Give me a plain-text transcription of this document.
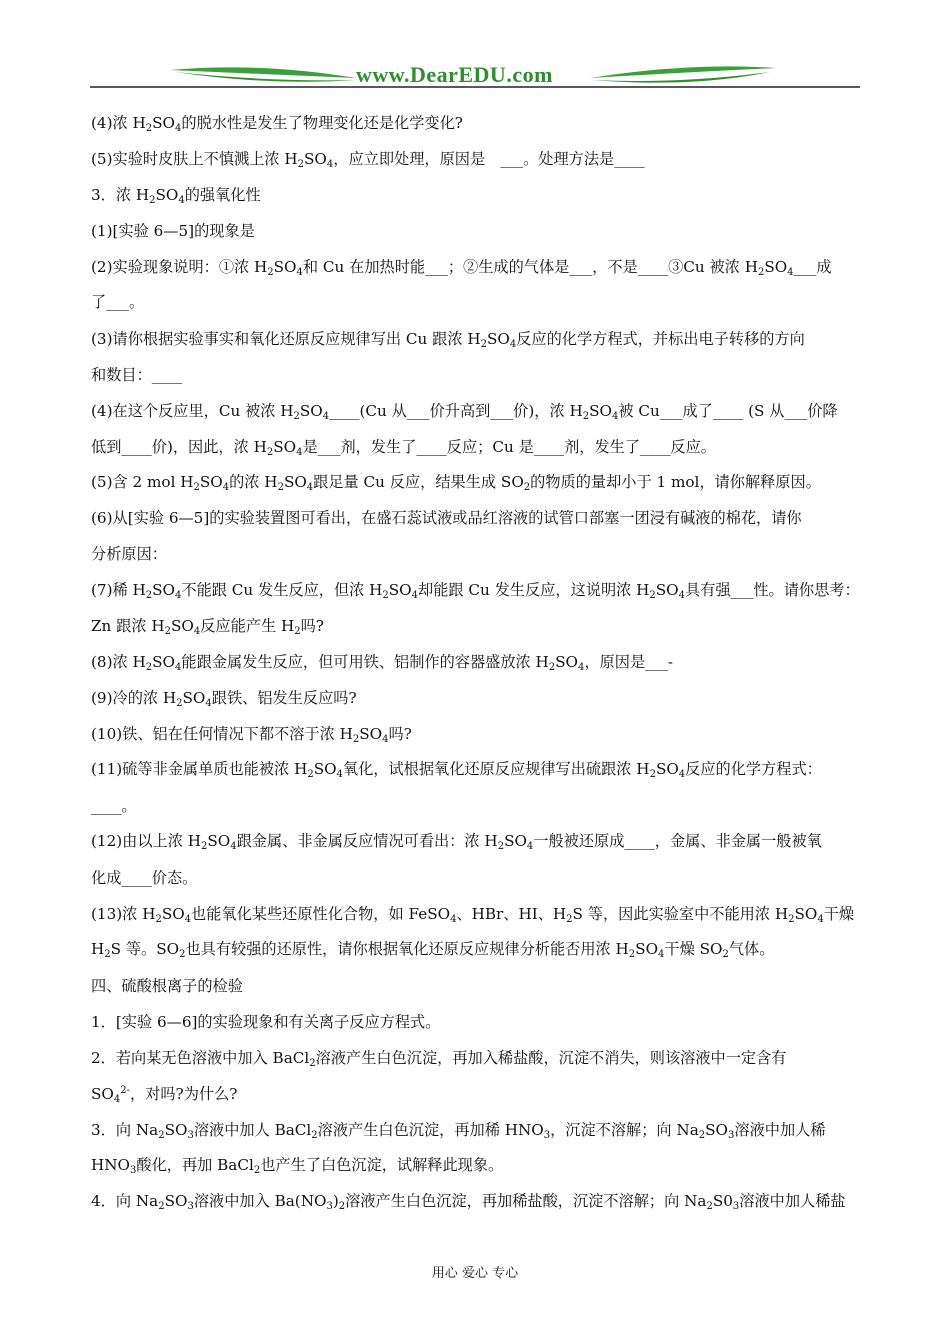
www.DearEDU.com
(4)浓 $H_2SO_4$的脱水性是发生了物理变化还是化学变化?
(5)实验时皮肤上不慎溅上浓 $H_2SO_4$，应立即处理，原因是　___。处理方法是____
3．浓 $H_2SO_4$的强氧化性
(1)[实验 6—5]的现象是
(2)实验现象说明：①浓 $H_2SO_4$和 Cu 在加热时能___；②生成的气体是___，不是____③Cu 被浓 $H_2SO_4\_\_\_$成
了___。
(3)请你根据实验事实和氧化还原反应规律写出 Cu 跟浓 $H_2SO_4$反应的化学方程式，并标出电子转移的方向
和数目：____
(4)在这个反应里，Cu 被浓 $H_2SO_4\_\_\_\_(Cu$ 从___价升高到___价)，浓 $H_2SO_4$被 Cu___成了____ (S 从___价降
低到____价)，因此，浓 $H_2SO_4$是___剂，发生了____反应；Cu 是____剂，发生了____反应。
(5)含 2 mol $H_2SO_4$的浓 $H_2SO_4$跟足量 Cu 反应，结果生成 $SO_2$的物质的量却小于 1 mol，请你解释原因。
(6)从[实验 6—5]的实验装置图可看出，在盛石蕊试液或品红溶液的试管口部塞一团浸有碱液的棉花，请你
分析原因：
(7)稀 $H_2SO_4$不能跟 Cu 发生反应，但浓 $H_2SO_4$却能跟 Cu 发生反应，这说明浓 $H_2SO_4$具有强___性。请你思考：
Zn 跟浓 $H_2SO_4$反应能产生 $H_2$吗?
(8)浓 $H_2SO_4$能跟金属发生反应，但可用铁、铝制作的容器盛放浓 $H_2SO_4$，原因是___-
(9)冷的浓 $H_2SO_4$跟铁、铝发生反应吗?
(10)铁、铝在任何情况下都不溶于浓 $H_2SO_4$吗?
(11)硫等非金属单质也能被浓 $H_2SO_4$氧化，试根据氧化还原反应规律写出硫跟浓 $H_2SO_4$反应的化学方程式：
____。
(12)由以上浓 $H_2SO_4$跟金属、非金属反应情况可看出：浓 $H_2SO_4$一般被还原成____，金属、非金属一般被氧
化成____价态。
(13)浓 $H_2SO_4$也能氧化某些还原性化合物，如 FeSO$_4$、HBr、HI、$H_2S$ 等，因此实验室中不能用浓 $H_2SO_4$干燥
$H_2S$ 等。$SO_2$也具有较强的还原性，请你根据氧化还原反应规律分析能否用浓 $H_2SO_4$干燥 $SO_2$气体。
四、硫酸根离子的检验
1．[实验 6—6]的实验现象和有关离子反应方程式。
2．若向某无色溶液中加入 BaCl$_2$溶液产生白色沉淀，再加入稀盐酸，沉淀不消失，则该溶液中一定含有
$SO_4^{2-}$，对吗?为什么?
3．向 $Na_2SO_3$溶液中加人 BaCl$_2$溶液产生白色沉淀，再加稀 $HNO_3$，沉淀不溶解；向 $Na_2SO_3$溶液中加人稀
$HNO_3$酸化，再加 BaCl$_2$也产生了白色沉淀，试解释此现象。
4．向 $Na_2SO_3$溶液中加入 $Ba(NO_3)_2$溶液产生白色沉淀，再加稀盐酸，沉淀不溶解；向 $Na_2S0_3$溶液中加人稀盐
用心 爱心 专心
